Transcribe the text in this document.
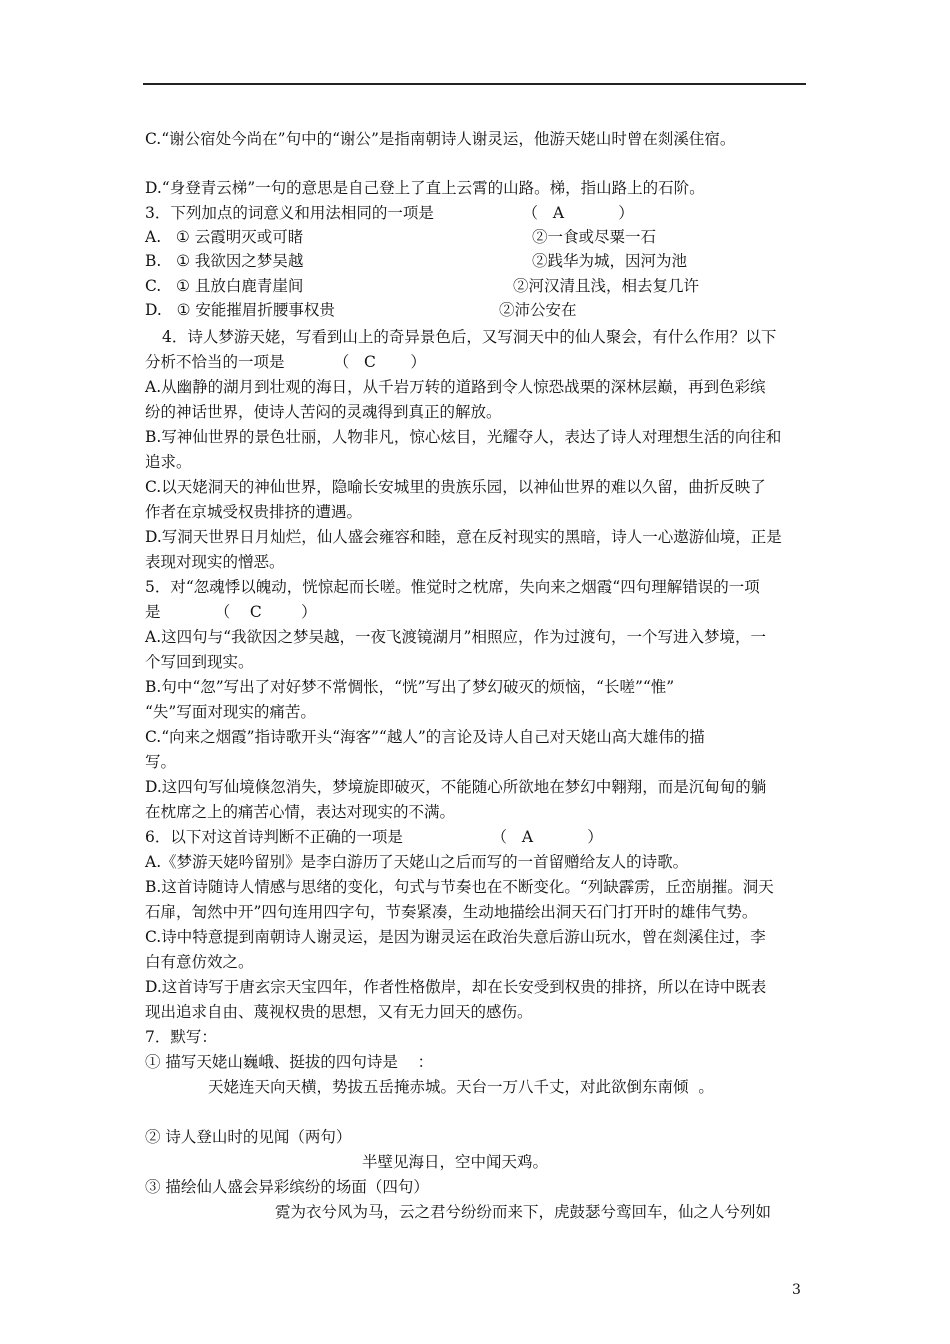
C.“谢公宿处今尚在”句中的“谢公”是指南朝诗人谢灵运，他游天姥山时曾在剡溪住宿。
D.“身登青云梯”一句的意思是自己登上了直上云霄的山路。梯，指山路上的石阶。
3．下列加点的词意义和用法相同的一项是                  （   A           ）
A.   ① 云霞明灭或可睹	②一食或尽粟一石
B.   ① 我欲因之梦吴越	②践华为城，因河为池
C.   ① 且放白鹿青崖间	②河汉清且浅，相去复几许
D.   ① 安能摧眉折腰事权贵	②沛公安在
4．诗人梦游天姥，写看到山上的奇异景色后，又写洞天中的仙人聚会，有什么作用？以下
分析不恰当的一项是          （   C       ）
A.从幽静的湖月到壮观的海日，从千岩万转的道路到令人惊恐战栗的深林层巅，再到色彩缤
纷的神话世界，使诗人苦闷的灵魂得到真正的解放。
B.写神仙世界的景色壮丽，人物非凡，惊心炫目，光耀夺人，表达了诗人对理想生活的向往和
追求。
C.以天姥洞天的神仙世界，隐喻长安城里的贵族乐园，以神仙世界的难以久留，曲折反映了
作者在京城受权贵排挤的遭遇。
D.写洞天世界日月灿烂，仙人盛会雍容和睦，意在反衬现实的黑暗，诗人一心遨游仙境，正是
表现对现实的憎恶。
5．对“忽魂悸以魄动，恍惊起而长嗟。惟觉时之枕席，失向来之烟霞“四句理解错误的一项
是           （    C        ）
A.这四句与“我欲因之梦吴越，一夜飞渡镜湖月”相照应，作为过渡句，一个写进入梦境，一
个写回到现实。
B.句中“忽”写出了对好梦不常惆怅，“恍”写出了梦幻破灭的烦恼，“长嗟”“惟”
“失”写面对现实的痛苦。
C.“向来之烟霞”指诗歌开头“海客”“越人”的言论及诗人自己对天姥山高大雄伟的描
写。
D.这四句写仙境倏忽消失，梦境旋即破灭，不能随心所欲地在梦幻中翱翔，而是沉甸甸的躺
在枕席之上的痛苦心情，表达对现实的不满。
6．以下对这首诗判断不正确的一项是                  （   A           ）
A.《梦游天姥吟留别》是李白游历了天姥山之后而写的一首留赠给友人的诗歌。
B.这首诗随诗人情感与思绪的变化，句式与节奏也在不断变化。“列缺霹雳，丘峦崩摧。洞天
石扉，訇然中开”四句连用四字句，节奏紧凑，生动地描绘出洞天石门打开时的雄伟气势。
C.诗中特意提到南朝诗人谢灵运，是因为谢灵运在政治失意后游山玩水，曾在剡溪住过，李
白有意仿效之。
D.这首诗写于唐玄宗天宝四年，作者性格傲岸，却在长安受到权贵的排挤，所以在诗中既表
现出追求自由、蔑视权贵的思想，又有无力回天的感伤。
7．默写：
① 描写天姥山巍峨、挺拔的四句诗是    ：
天姥连天向天横，势拔五岳掩赤城。天台一万八千丈，对此欲倒东南倾  。
② 诗人登山时的见闻（两句）
半壁见海日，空中闻天鸡。
③ 描绘仙人盛会异彩缤纷的场面（四句）
霓为衣兮风为马，云之君兮纷纷而来下，虎鼓瑟兮鸾回车，仙之人兮列如
3
